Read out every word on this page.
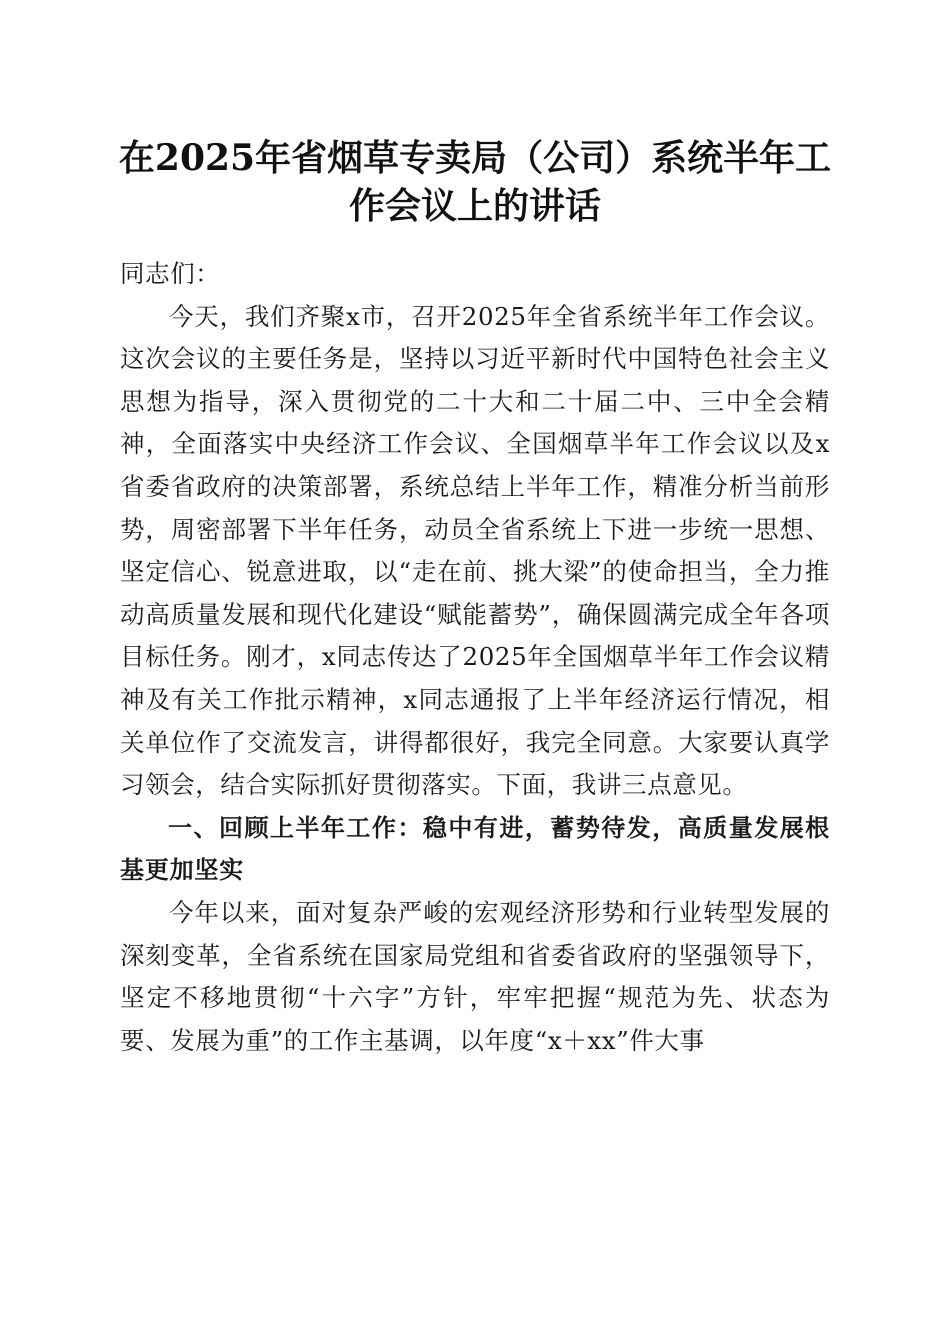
在2025年省烟草专卖局（公司）系统半年工
作会议上的讲话

同志们：

今天，我们齐聚x市，召开2025年全省系统半年工作会议。这次会议的主要任务是，坚持以习近平新时代中国特色社会主义思想为指导，深入贯彻党的二十大和二十届二中、三中全会精神，全面落实中央经济工作会议、全国烟草半年工作会议以及x省委省政府的决策部署，系统总结上半年工作，精准分析当前形势，周密部署下半年任务，动员全省系统上下进一步统一思想、坚定信心、锐意进取，以“走在前、挑大梁”的使命担当，全力推动高质量发展和现代化建设“赋能蓄势”，确保圆满完成全年各项目标任务。刚才，x同志传达了2025年全国烟草半年工作会议精神及有关工作批示精神，x同志通报了上半年经济运行情况，相关单位作了交流发言，讲得都很好，我完全同意。大家要认真学习领会，结合实际抓好贯彻落实。下面，我讲三点意见。

一、回顾上半年工作：稳中有进，蓄势待发，高质量发展根基更加坚实

今年以来，面对复杂严峻的宏观经济形势和行业转型发展的深刻变革，全省系统在国家局党组和省委省政府的坚强领导下，坚定不移地贯彻“十六字”方针，牢牢把握“规范为先、状态为要、发展为重”的工作主基调，以年度“x＋xx”件大事
